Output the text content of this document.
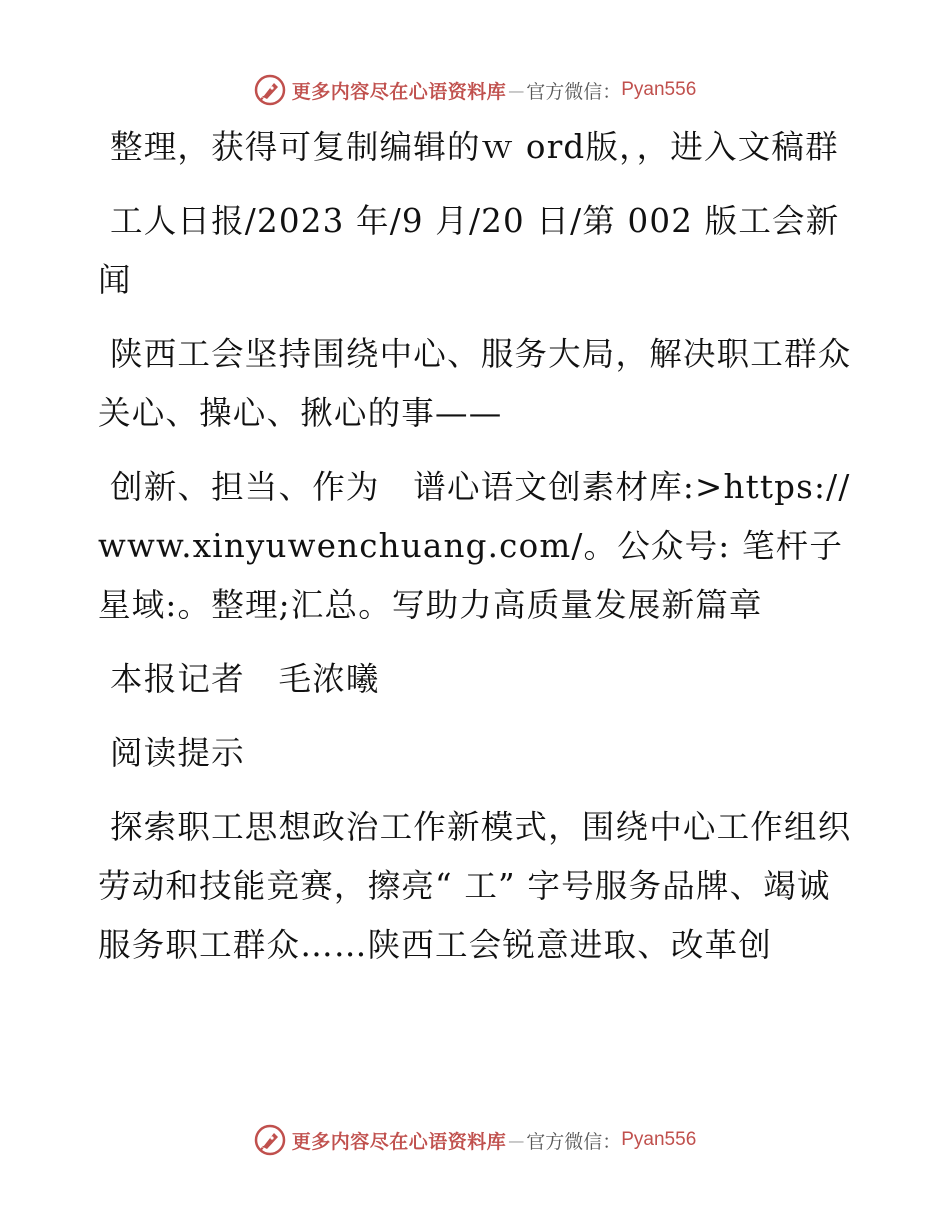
更多内容尽在心语资料库 — 官方微信： Pyan556

整理，获得可复制编辑的ｗ ord版，，进入文稿群

工人日报/2023 年/9 月/20 日/第 002 版工会新闻

陕西工会坚持围绕中心、服务大局，解决职工群众关心、操心、揪心的事——

创新、担当、作为　谱心语文创素材库:>https://www.xinyuwenchuang.com/。公众号: 笔杆子星域:。整理;汇总。写助力高质量发展新篇章

本报记者　毛浓曦

阅读提示

探索职工思想政治工作新模式，围绕中心工作组织劳动和技能竞赛，擦亮“ 工” 字号服务品牌、竭诚服务职工群众……陕西工会锐意进取、改革创

更多内容尽在心语资料库 — 官方微信： Pyan556
